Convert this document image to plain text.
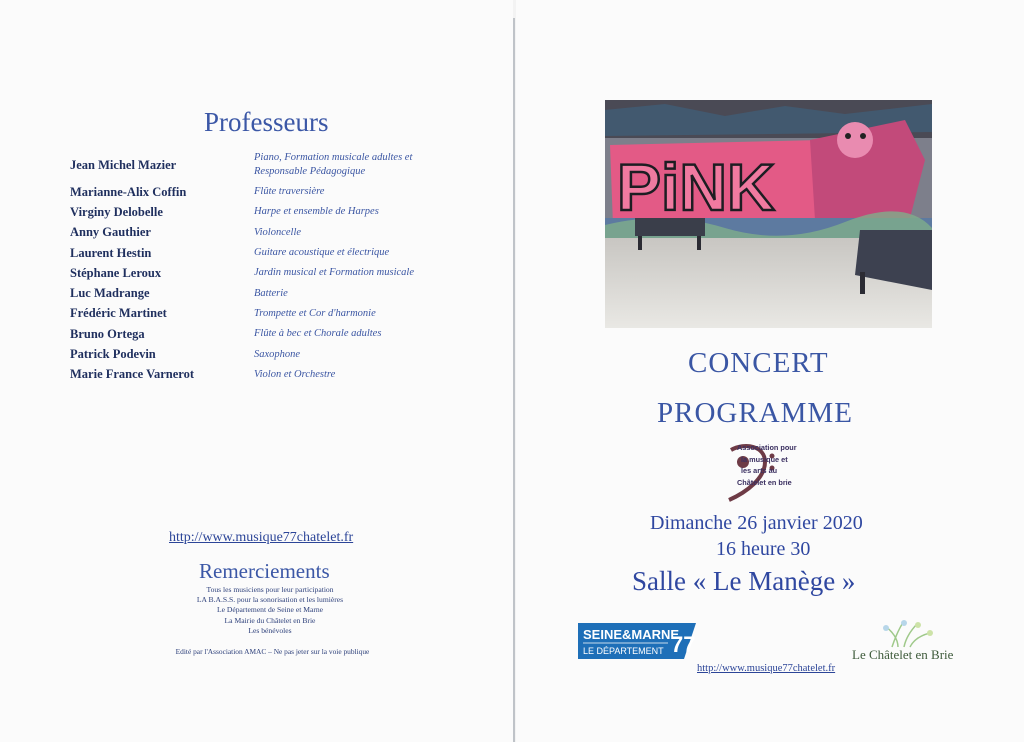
Professeurs
Jean Michel Mazier	Piano, Formation musicale adultes et Responsable Pédagogique
Marianne-Alix Coffin	Flûte traversière
Virginy Delobelle	Harpe et ensemble de Harpes
Anny Gauthier	Violoncelle
Laurent Hestin	Guitare acoustique et électrique
Stéphane Leroux	Jardin musical et Formation musicale
Luc Madrange	Batterie
Frédéric Martinet	Trompette et Cor d'harmonie
Bruno Ortega	Flûte à bec et Chorale adultes
Patrick Podevin	Saxophone
Marie France Varnerot	Violon et Orchestre
http://www.musique77chatelet.fr
Remerciements
Tous les musiciens pour leur participation
LA B.A.S.S. pour la sonorisation et les lumières
Le Département de Seine et Marne
La Mairie du Châtelet en Brie
Les bénévoles
Edité par l'Association AMAC – Ne pas jeter sur la voie publique
PiNK
CONCERT
PROGRAMME
Association pour
la musique et
les arts au
Châtelet en brie
Dimanche 26 janvier 2020
16 heure 30
Salle « Le Manège »
SEINE&MARNE
LE DÉPARTEMENT 77	Le Châtelet en Brie
http://www.musique77chatelet.fr
